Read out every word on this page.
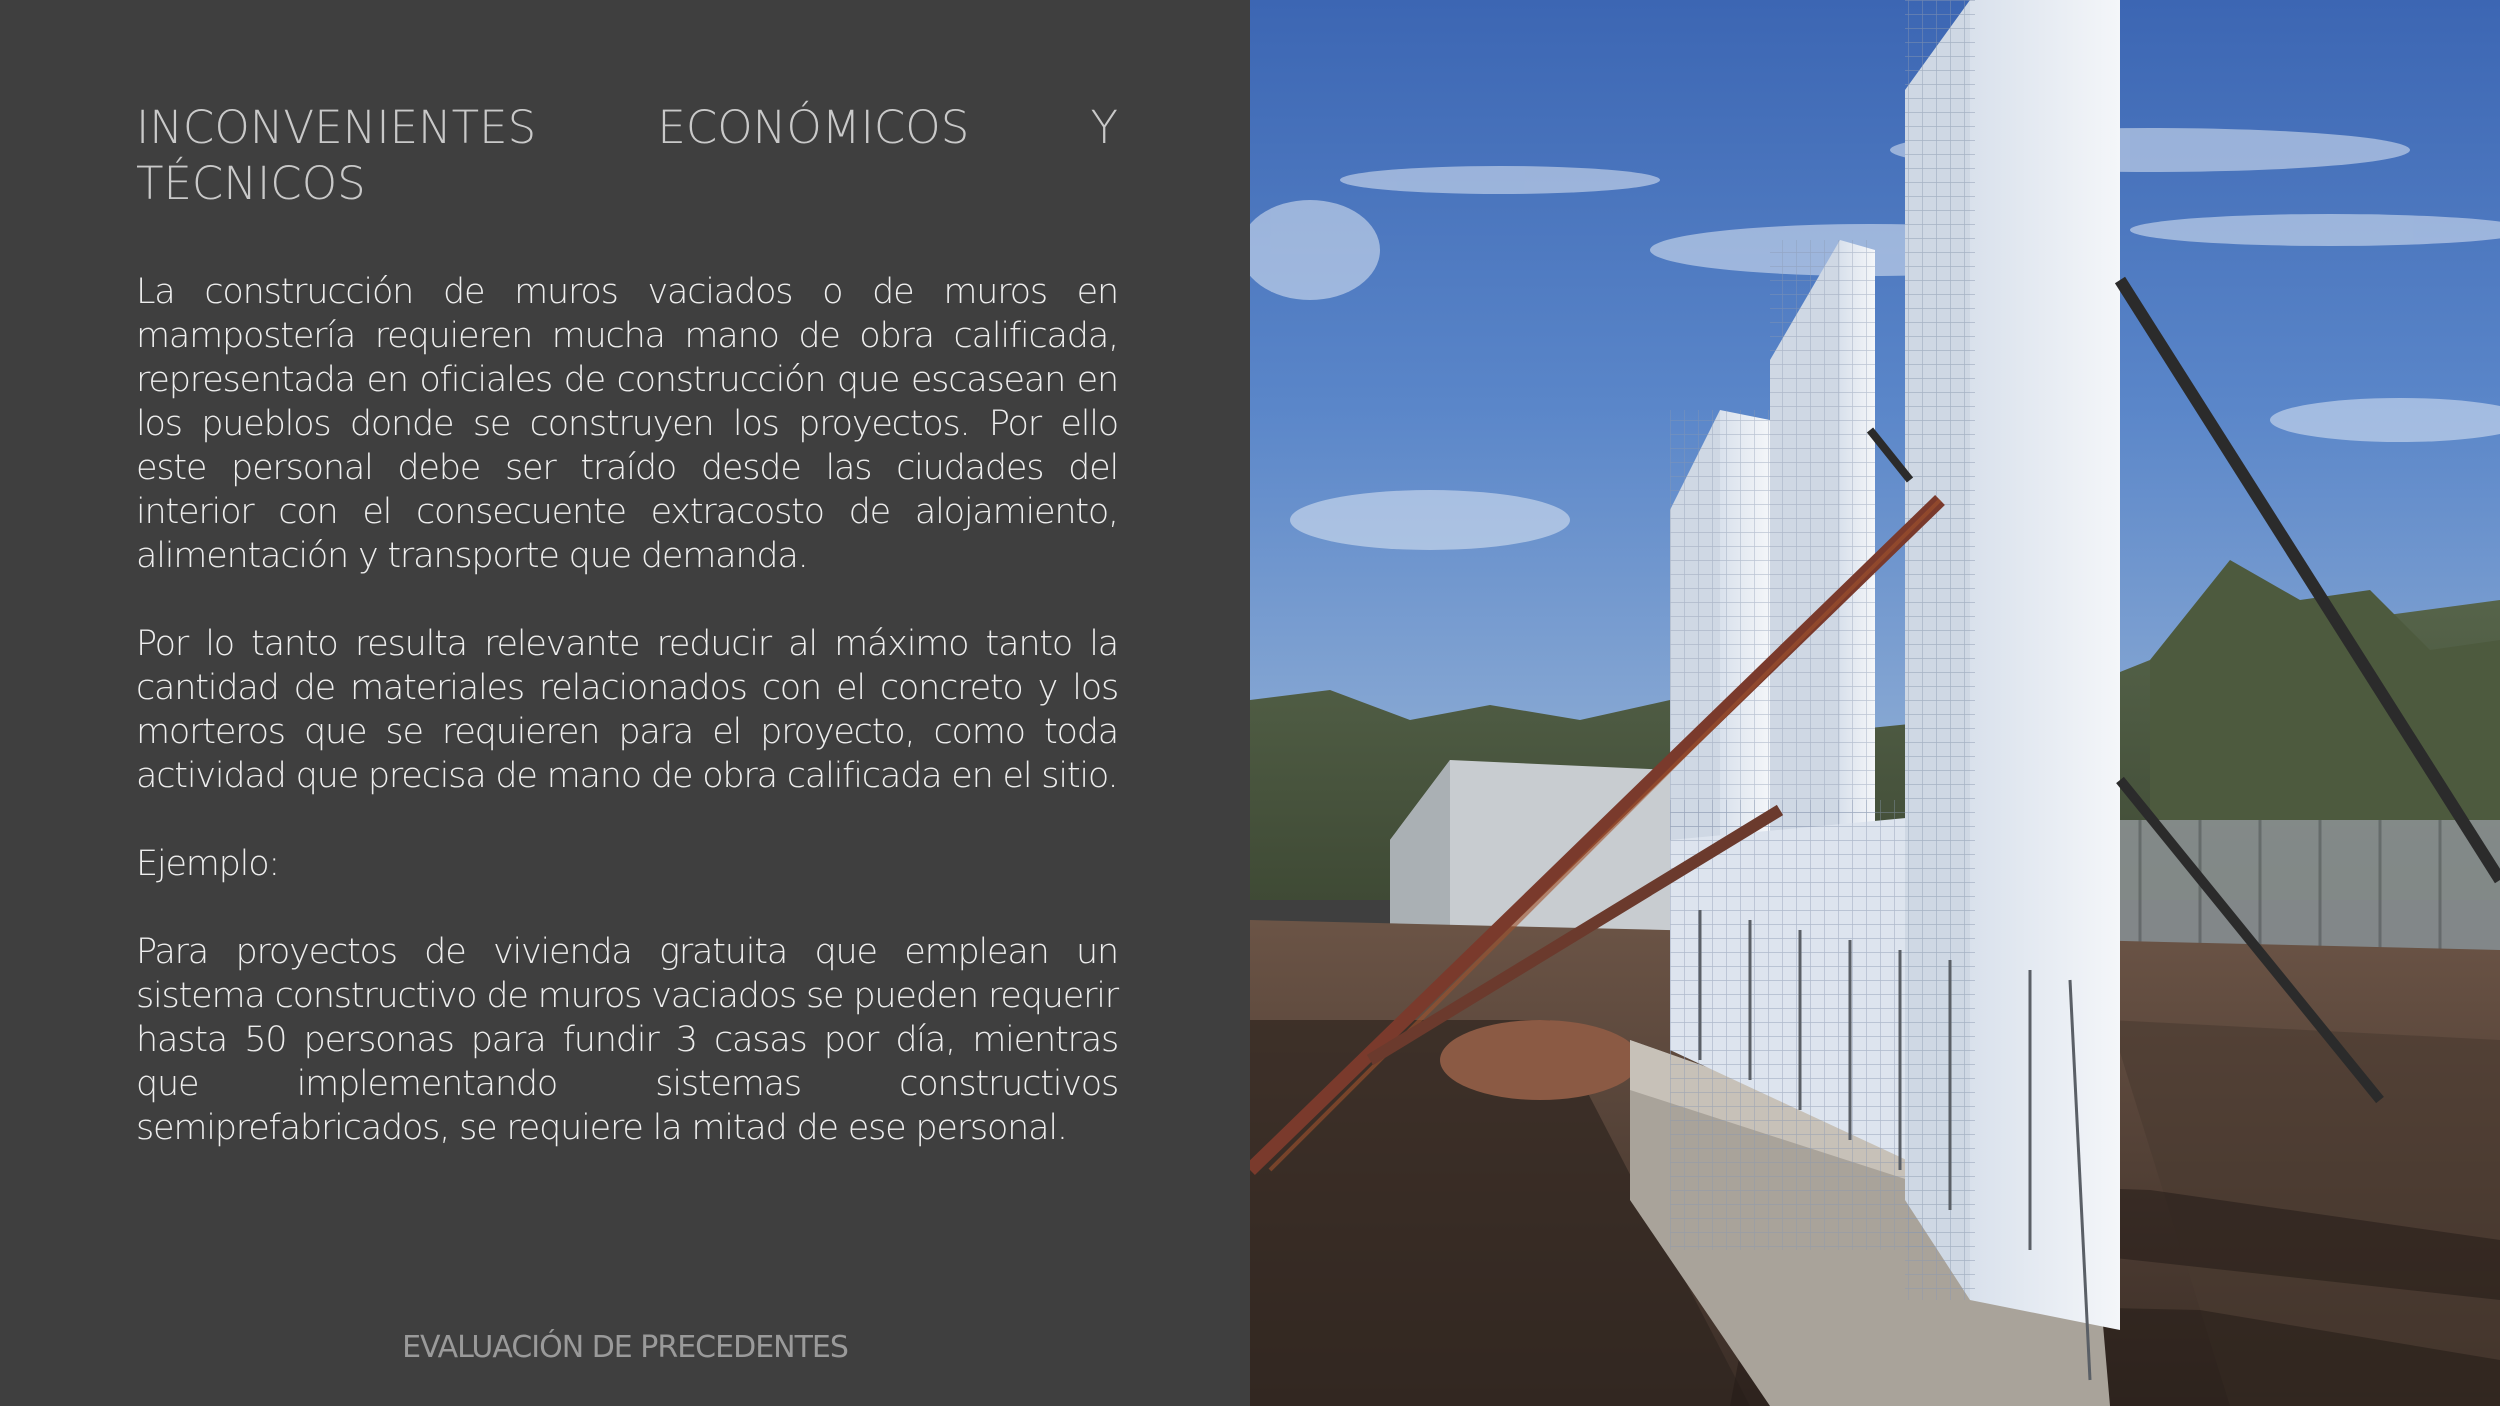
INCONVENIENTES ECONÓMICOS Y TÉCNICOS

La construcción de muros vaciados o de muros en mampostería requieren mucha mano de obra calificada, representada en oficiales de construcción que escasean en los pueblos donde se construyen los proyectos. Por ello este personal debe ser traído desde las ciudades del interior con el consecuente extracosto de alojamiento, alimentación y transporte que demanda.

Por lo tanto resulta relevante reducir al máximo tanto la cantidad de materiales relacionados con el concreto y los morteros que se requieren para el proyecto, como toda actividad que precisa de mano de obra calificada en el sitio.

Ejemplo:

Para proyectos de vivienda gratuita que emplean un sistema constructivo de muros vaciados se pueden requerir hasta 50 personas para fundir 3 casas por día, mientras que implementando sistemas constructivos semiprefabricados, se requiere la mitad de ese personal.

EVALUACIÓN DE PRECEDENTES
